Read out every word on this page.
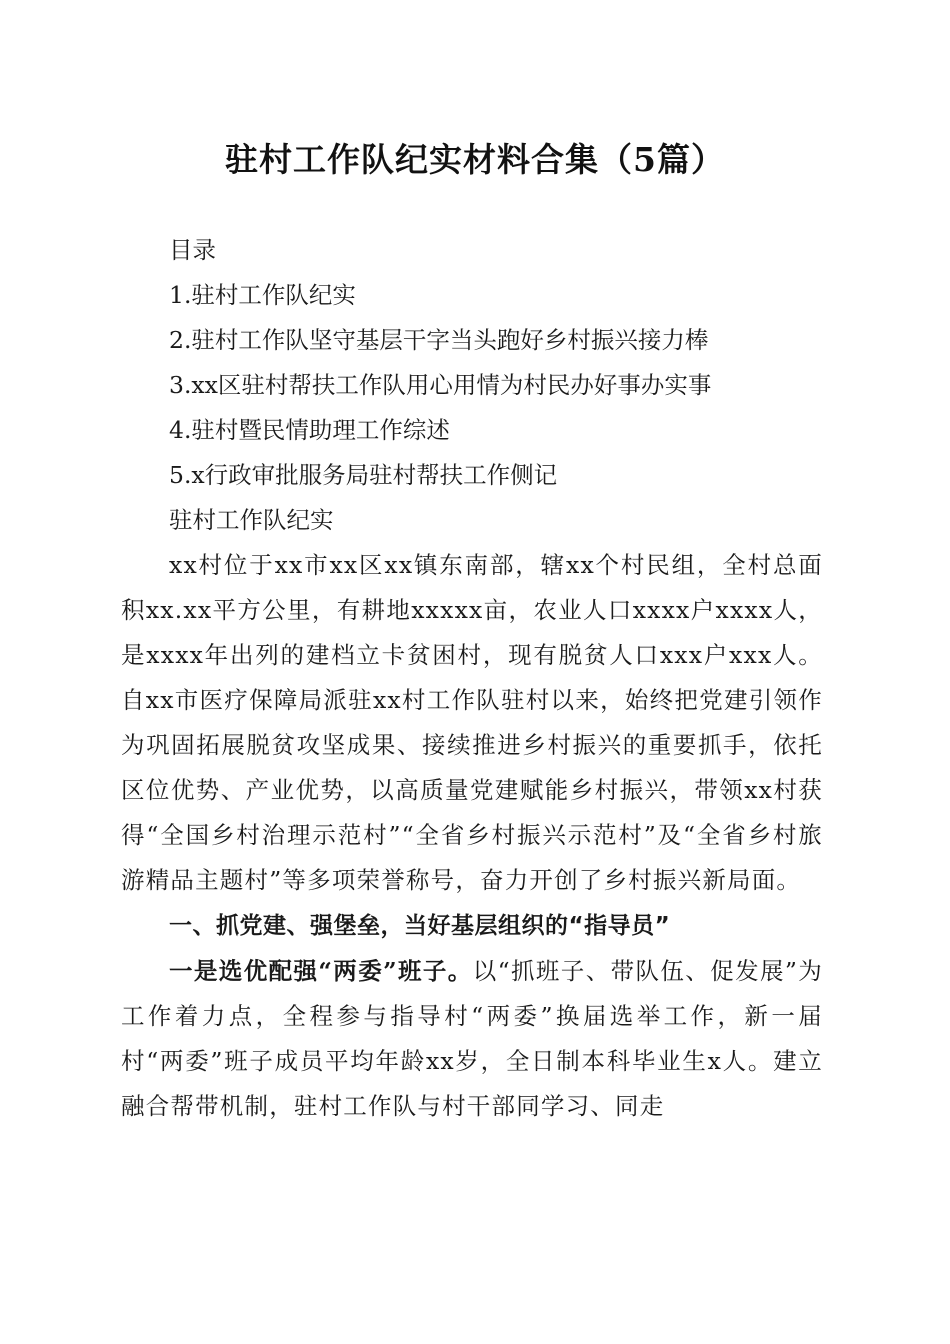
驻村工作队纪实材料合集（5篇）

目录

1.驻村工作队纪实

2.驻村工作队坚守基层干字当头跑好乡村振兴接力棒

3.xx区驻村帮扶工作队用心用情为村民办好事办实事

4.驻村暨民情助理工作综述

5.x行政审批服务局驻村帮扶工作侧记

驻村工作队纪实

xx村位于xx市xx区xx镇东南部，辖xx个村民组，全村总面积xx.xx平方公里，有耕地xxxxx亩，农业人口xxxx户xxxx人，是xxxx年出列的建档立卡贫困村，现有脱贫人口xxx户xxx人。自xx市医疗保障局派驻xx村工作队驻村以来，始终把党建引领作为巩固拓展脱贫攻坚成果、接续推进乡村振兴的重要抓手，依托区位优势、产业优势，以高质量党建赋能乡村振兴，带领xx村获得“全国乡村治理示范村”“全省乡村振兴示范村”及“全省乡村旅游精品主题村”等多项荣誉称号，奋力开创了乡村振兴新局面。

一、抓党建、强堡垒，当好基层组织的“指导员”

一是选优配强“两委”班子。以“抓班子、带队伍、促发展”为工作着力点，全程参与指导村“两委”换届选举工作，新一届村“两委”班子成员平均年龄xx岁，全日制本科毕业生x人。建立融合帮带机制，驻村工作队与村干部同学习、同走
